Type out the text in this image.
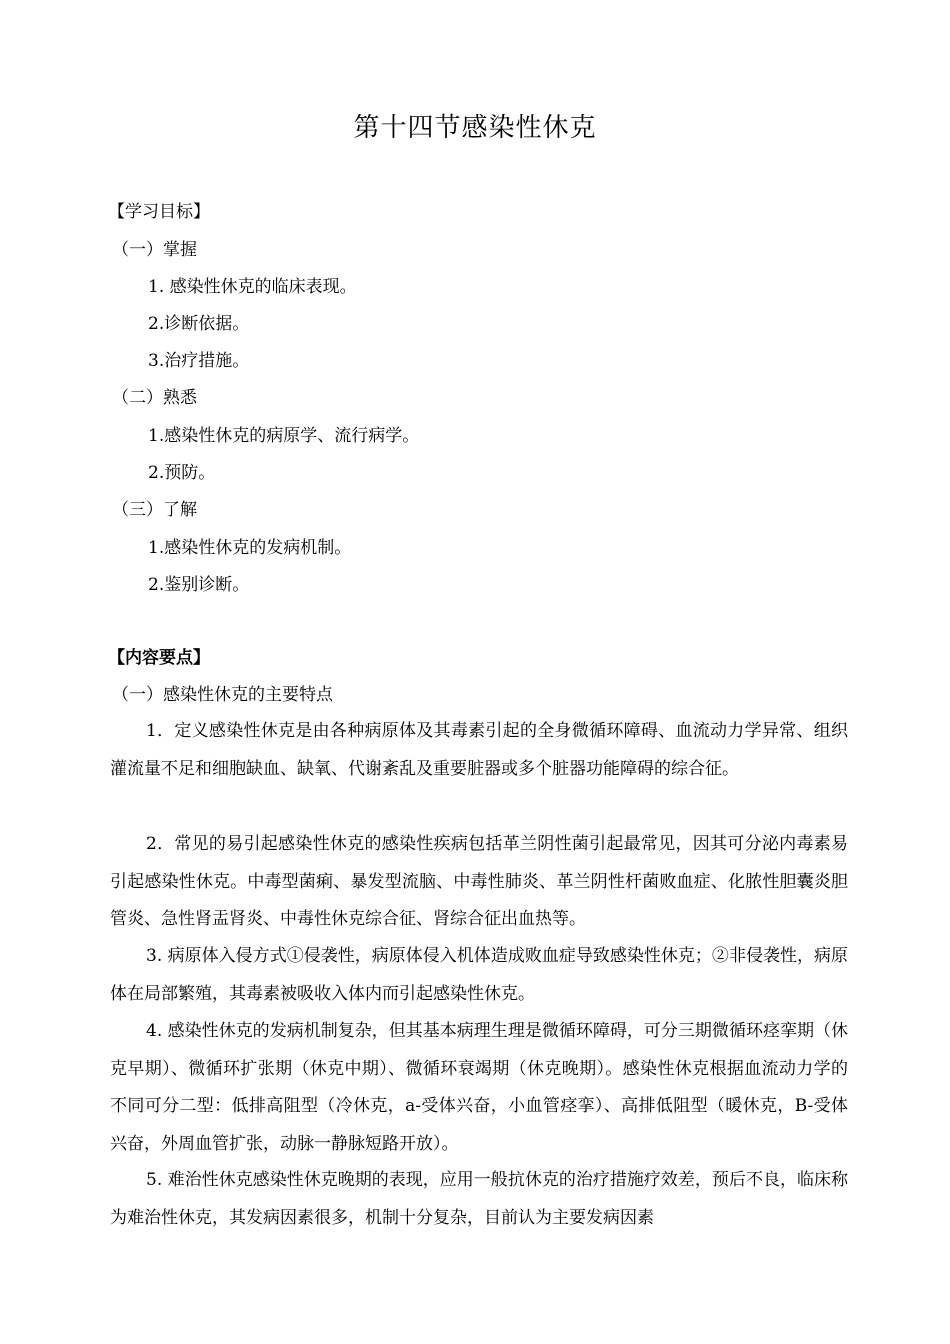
第十四节感染性休克
【学习目标】
（一）掌握
1. 感染性休克的临床表现。
2.诊断依据。
3.治疗措施。
（二）熟悉
1.感染性休克的病原学、流行病学。
2.预防。
（三）了解
1.感染性休克的发病机制。
2.鉴别诊断。
【内容要点】
（一）感染性休克的主要特点
1．定义感染性休克是由各种病原体及其毒素引起的全身微循环障碍、血流动力学异常、组织灌流量不足和细胞缺血、缺氧、代谢紊乱及重要脏器或多个脏器功能障碍的综合征。
2．常见的易引起感染性休克的感染性疾病包括革兰阴性菌引起最常见，因其可分泌内毒素易引起感染性休克。中毒型菌痢、暴发型流脑、中毒性肺炎、革兰阴性杆菌败血症、化脓性胆囊炎胆管炎、急性肾盂肾炎、中毒性休克综合征、肾综合征出血热等。
3. 病原体入侵方式①侵袭性，病原体侵入机体造成败血症导致感染性休克；②非侵袭性，病原体在局部繁殖，其毒素被吸收入体内而引起感染性休克。
4. 感染性休克的发病机制复杂，但其基本病理生理是微循环障碍，可分三期微循环痉挛期（休克早期）、微循环扩张期（休克中期）、微循环衰竭期（休克晚期）。感染性休克根据血流动力学的不同可分二型：低排高阻型（冷休克，a-受体兴奋，小血管痉挛）、高排低阻型（暖休克，B-受体兴奋，外周血管扩张，动脉一静脉短路开放）。
5. 难治性休克感染性休克晚期的表现，应用一般抗休克的治疗措施疗效差，预后不良，临床称为难治性休克，其发病因素很多，机制十分复杂，目前认为主要发病因素
